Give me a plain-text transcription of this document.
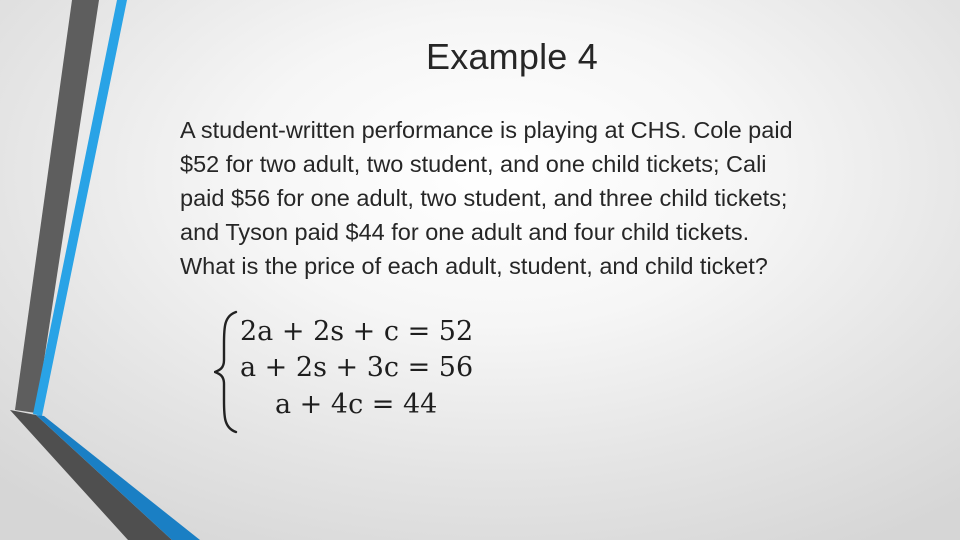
Example 4

A student-written performance is playing at CHS. Cole paid
$52 for two adult, two student, and one child tickets; Cali
paid $56 for one adult, two student, and three child tickets;
and Tyson paid $44 for one adult and four child tickets.
What is the price of each adult, student, and child ticket?

2a + 2s + c = 52
a + 2s + 3c = 56
a + 4c = 44
